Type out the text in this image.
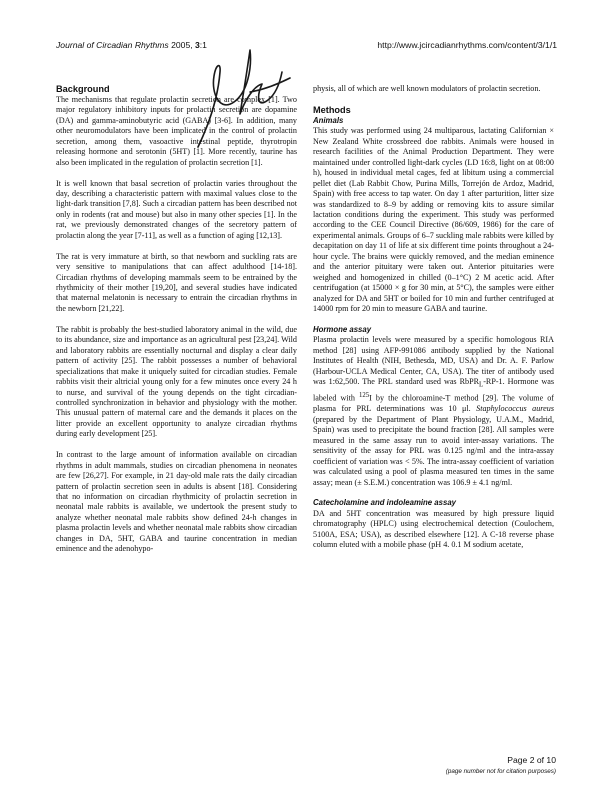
Journal of Circadian Rhythms 2005, 3:1	http://www.jcircadianrhythms.com/content/3/1/1
Background

The mechanisms that regulate prolactin secretion are complex [1]. Two major regulatory inhibitory inputs for prolactin secretion are dopamine (DA) and gamma-aminobutyric acid (GABA) [3-6]. In addition, many other neuromodulators have been implicated in the control of prolactin secretion, among them, vasoactive intestinal peptide, thyrotropin releasing hormone and serotonin (5HT) [1]. More recently, taurine has also been implicated in the regulation of prolactin secretion [1].

It is well known that basal secretion of prolactin varies throughout the day, describing a characteristic pattern with maximal values close to the light-dark transition [7,8]. Such a circadian pattern has been described not only in rodents (rat and mouse) but also in many other species [1]. In the rat, we previously demonstrated changes of the secretory pattern of prolactin along the year [7-11], as well as a function of aging [12,13].

The rat is very immature at birth, so that newborn and suckling rats are very sensitive to manipulations that can affect adulthood [14-18]. Circadian rhythms of developing mammals seem to be entrained by the rhythmicity of their mother [19,20], and several studies have indicated that maternal melatonin is necessary to entrain the circadian rhythms in the newborn [21,22].

The rabbit is probably the best-studied laboratory animal in the wild, due to its abundance, size and importance as an agricultural pest [23,24]. Wild and laboratory rabbits are essentially nocturnal and display a clear daily pattern of activity [25]. The rabbit possesses a number of behavioral specializations that make it uniquely suited for circadian studies. Female rabbits visit their altricial young only for a few minutes once every 24 h to nurse, and survival of the young depends on the tight circadian-controlled synchronization in behavior and physiology with the mother. This unusual pattern of maternal care and the demands it places on the litter provide an excellent opportunity to analyze circadian rhythms during early development [25].

In contrast to the large amount of information available on circadian rhythms in adult mammals, studies on circadian phenomena in neonates are few [26,27]. For example, in 21 day-old male rats the daily circadian pattern of prolactin secretion seen in adults is absent [18]. Considering that no information on circadian rhythmicity of prolactin secretion in neonatal male rabbits is available, we undertook the present study to analyze whether neonatal male rabbits show defined 24-h changes in plasma prolactin levels and whether neonatal male rabbits show circadian changes in DA, 5HT, GABA and taurine concentration in median eminence and the adenohypo-

physis, all of which are well known modulators of prolactin secretion.

Methods
Animals

This study was performed using 24 multiparous, lactating Californian × New Zealand White crossbreed doe rabbits. Animals were housed in research facilities of the Animal Production Department. They were maintained under controlled light-dark cycles (LD 16:8, light on at 08:00 h), housed in individual metal cages, fed at libitum using a commercial pellet diet (Lab Rabbit Chow, Purina Mills, Torrejón de Ardoz, Madrid, Spain) with free access to tap water. On day 1 after parturition, litter size was standardized to 8–9 by adding or removing kits to assure similar lactation conditions during the experiment. This study was performed according to the CEE Council Directive (86/609, 1986) for the care of experimental animals. Groups of 6–7 suckling male rabbits were killed by decapitation on day 11 of life at six different time points throughout a 24-hour cycle. The brains were quickly removed, and the median eminence and the anterior pituitary were taken out. Anterior pituitaries were weighed and homogenized in chilled (0–1°C) 2 M acetic acid. After centrifugation (at 15000 × g for 30 min, at 5°C), the samples were either analyzed for DA and 5HT or boiled for 10 min and further centrifuged at 14000 rpm for 20 min to measure GABA and taurine.

Hormone assay

Plasma prolactin levels were measured by a specific homologous RIA method [28] using AFP-991086 antibody supplied by the National Institutes of Health (NIH, Bethesda, MD, USA) and Dr. A. F. Parlow (Harbour-UCLA Medical Center, CA, USA). The titer of antibody used was 1:62,500. The PRL standard used was RbPR$_L$-RP-1. Hormone was labeled with $^{125}$I by the chloroamine-T method [29]. The volume of plasma for PRL determinations was 10 μl. Staphylococcus aureus (prepared by the Department of Plant Physiology, U.A.M., Madrid, Spain) was used to precipitate the bound fraction [28]. All samples were measured in the same assay run to avoid inter-assay variations. The sensitivity of the assay for PRL was 0.125 ng/ml and the intra-assay coefficient of variation was < 5%. The intra-assay coefficient of variation was calculated using a pool of plasma measured ten times in the same assay; mean (± S.E.M.) concentration was 106.9 ± 4.1 ng/ml.

Catecholamine and indoleamine assay

DA and 5HT concentration was measured by high pressure liquid chromatography (HPLC) using electrochemical detection (Coulochem, 5100A, ESA; USA), as described elsewhere [12]. A C-18 reverse phase column eluted with a mobile phase (pH 4. 0.1 M sodium acetate,

Page 2 of 10
(page number not for citation purposes)
